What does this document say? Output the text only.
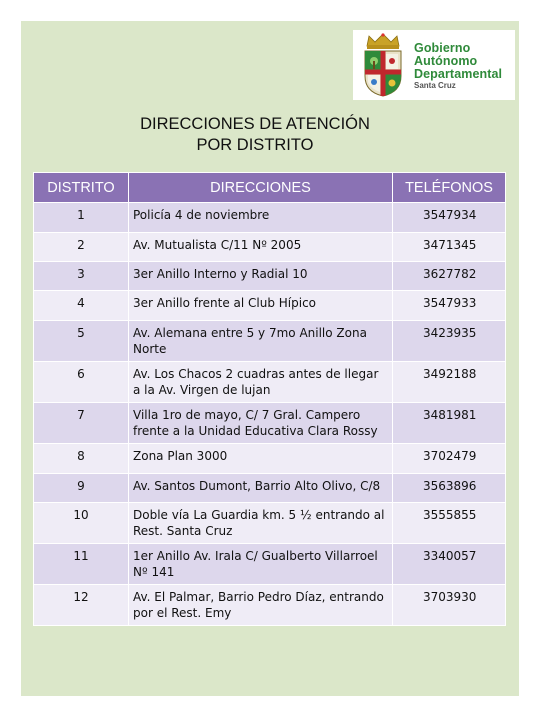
Gobierno
Autónomo
Departamental
Santa Cruz
DIRECCIONES DE ATENCIÓN
POR DISTRITO
DISTRITO	DIRECCIONES	TELÉFONOS
1	Policía 4 de noviembre	3547934
2	Av. Mutualista C/11 Nº 2005	3471345
3	3er Anillo Interno y Radial 10	3627782
4	3er Anillo frente al Club Hípico	3547933
5	Av. Alemana entre 5 y 7mo Anillo Zona Norte	3423935
6	Av. Los Chacos 2 cuadras antes de llegar a la Av. Virgen de lujan	3492188
7	Villa 1ro de mayo, C/ 7 Gral. Campero frente a la Unidad Educativa Clara Rossy	3481981
8	Zona Plan 3000	3702479
9	Av. Santos Dumont, Barrio Alto Olivo, C/8	3563896
10	Doble vía La Guardia km. 5 ½ entrando al Rest. Santa Cruz	3555855
11	1er Anillo Av. Irala C/ Gualberto Villarroel Nº 141	3340057
12	Av. El Palmar, Barrio Pedro Díaz, entrando por el Rest. Emy	3703930
